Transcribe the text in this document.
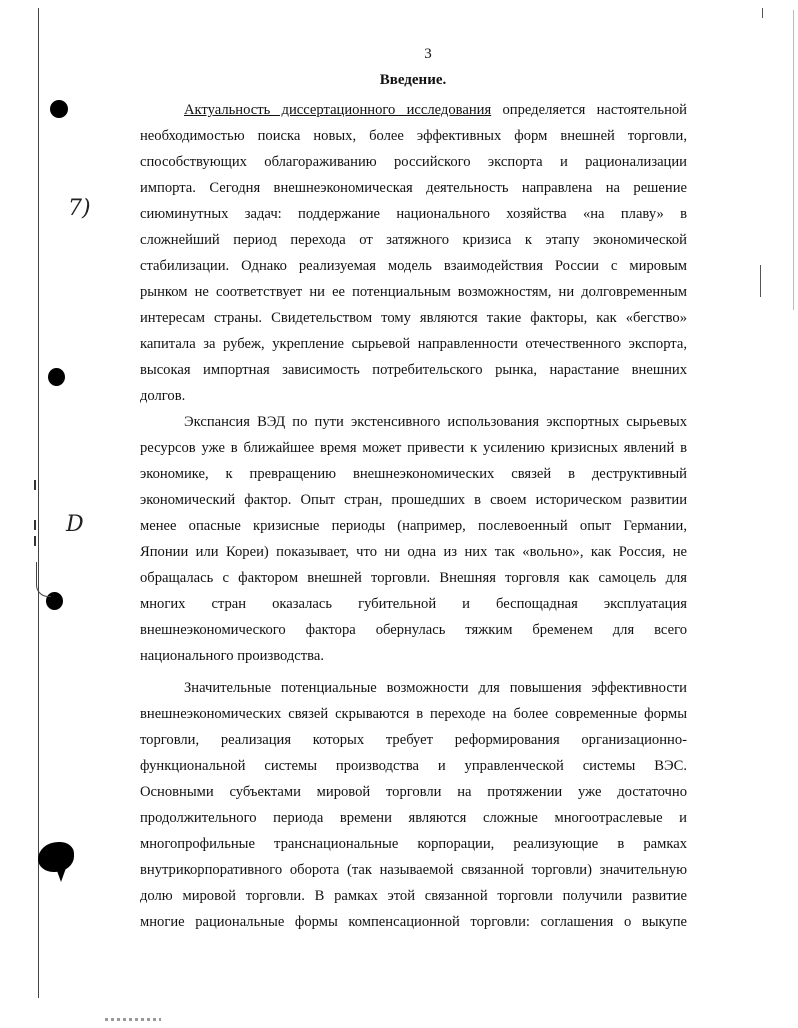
7)
D
3
Введение.

Актуальность диссертационного исследования определяется настоятельной
необходимостью поиска новых, более эффективных форм внешней торговли,
способствующих облагораживанию российского экспорта и рационализации
импорта. Сегодня внешнеэкономическая деятельность направлена на решение
сиюминутных задач: поддержание национального хозяйства «на плаву» в
сложнейший период перехода от затяжного кризиса к этапу экономической
стабилизации. Однако реализуемая модель взаимодействия России с мировым
рынком не соответствует ни ее потенциальным возможностям, ни долговременным
интересам страны. Свидетельством тому являются такие факторы, как «бегство»
капитала за рубеж, укрепление сырьевой направленности отечественного экспорта,
высокая импортная зависимость потребительского рынка, нарастание внешних
долгов.

Экспансия ВЭД по пути экстенсивного использования экспортных сырьевых
ресурсов уже в ближайшее время может привести к усилению кризисных явлений в
экономике, к превращению внешнеэкономических связей в деструктивный
экономический фактор. Опыт стран, прошедших в своем историческом развитии
менее опасные кризисные периоды (например, послевоенный опыт Германии,
Японии или Кореи) показывает, что ни одна из них так «вольно», как Россия, не
обращалась с фактором внешней торговли. Внешняя торговля как самоцель для
многих стран оказалась губительной и беспощадная эксплуатация
внешнеэкономического фактора обернулась тяжким бременем для всего
национального производства.

Значительные потенциальные возможности для повышения эффективности
внешнеэкономических связей скрываются в переходе на более современные формы
торговли, реализация которых требует реформирования организационно-
функциональной системы производства и управленческой системы ВЭС.
Основными субъектами мировой торговли на протяжении уже достаточно
продолжительного периода времени являются сложные многоотраслевые и
многопрофильные транснациональные корпорации, реализующие в рамках
внутрикорпоративного оборота (так называемой связанной торговли) значительную
долю мировой торговли. В рамках этой связанной торговли получили развитие
многие рациональные формы компенсационной торговли: соглашения о выкупе
